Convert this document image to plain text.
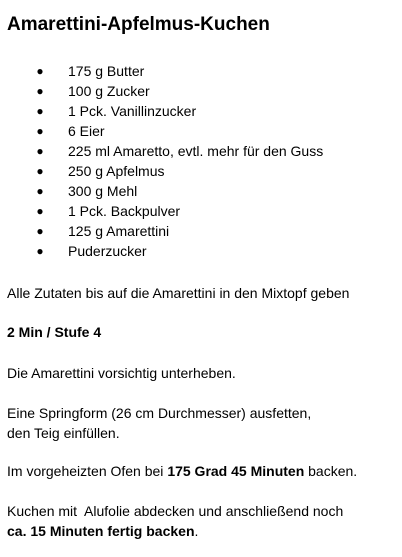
Amarettini-Apfelmus-Kuchen
● 175 g Butter
● 100 g Zucker
● 1 Pck. Vanillinzucker
● 6 Eier
● 225 ml Amaretto, evtl. mehr für den Guss
● 250 g Apfelmus
● 300 g Mehl
● 1 Pck. Backpulver
● 125 g Amarettini
● Puderzucker

Alle Zutaten bis auf die Amarettini in den Mixtopf geben

2 Min / Stufe 4

Die Amarettini vorsichtig unterheben.

Eine Springform (26 cm Durchmesser) ausfetten,
den Teig einfüllen.

Im vorgeheizten Ofen bei 175 Grad 45 Minuten backen.

Kuchen mit  Alufolie abdecken und anschließend noch
ca. 15 Minuten fertig backen.
